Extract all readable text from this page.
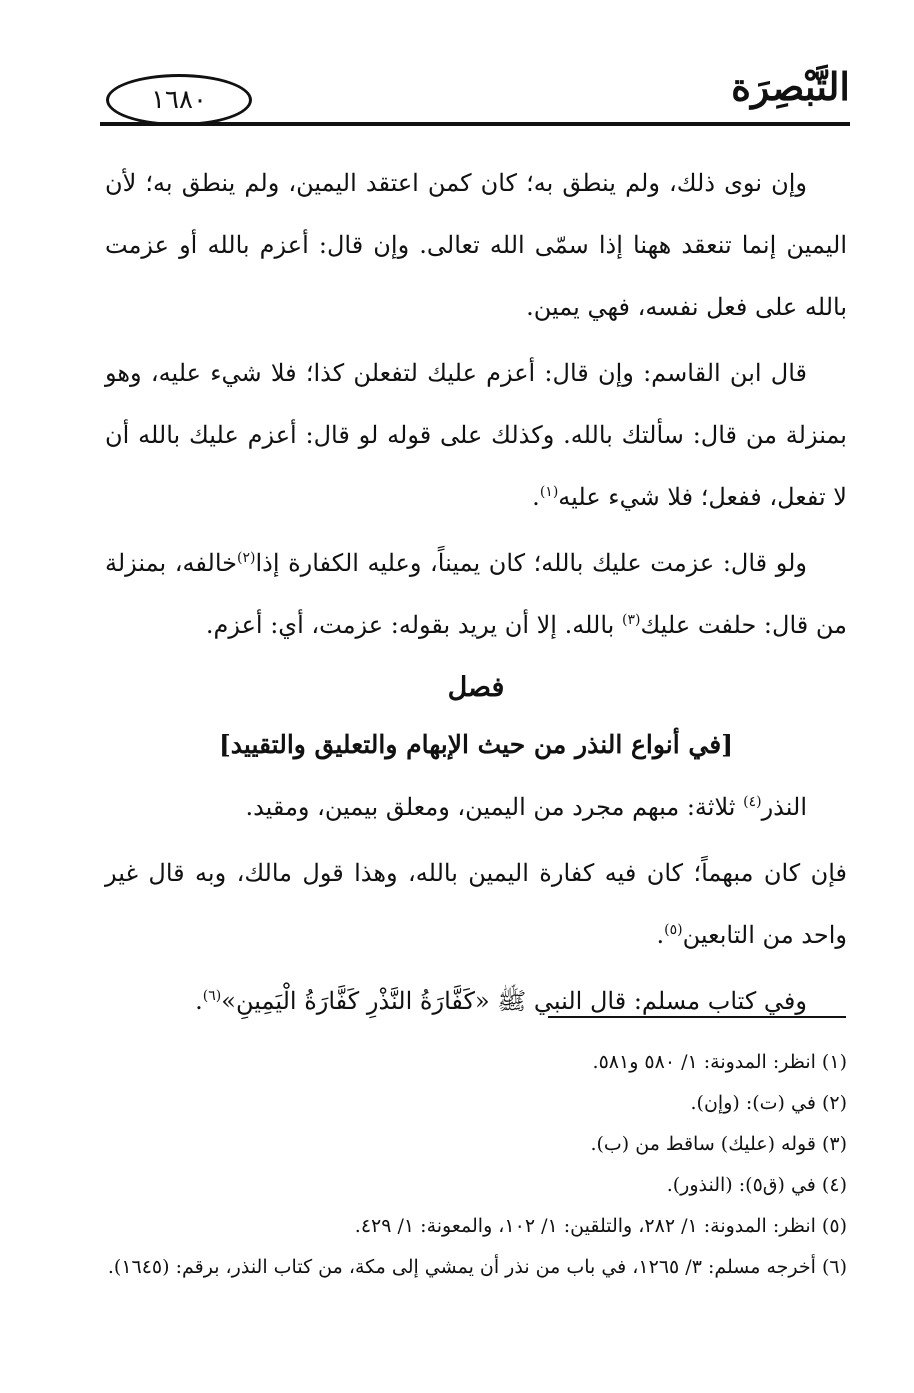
١٦٨٠	التَّبْصِرَة

وإن نوى ذلك، ولم ينطق به؛ كان كمن اعتقد اليمين، ولم ينطق به؛ لأن اليمين إنما تنعقد ههنا إذا سمّى الله تعالى. وإن قال: أعزم بالله أو عزمت بالله على فعل نفسه، فهي يمين.

قال ابن القاسم: وإن قال: أعزم عليك لتفعلن كذا؛ فلا شيء عليه، وهو بمنزلة من قال: سألتك بالله. وكذلك على قوله لو قال: أعزم عليك بالله أن لا تفعل، ففعل؛ فلا شيء عليه$^{(١)}$.

ولو قال: عزمت عليك بالله؛ كان يميناً، وعليه الكفارة إذا$^{(٢)}$خالفه، بمنزلة من قال: حلفت عليك$^{(٣)}$ بالله. إلا أن يريد بقوله: عزمت، أي: أعزم.

فصل
[في أنواع النذر من حيث الإبهام والتعليق والتقييد]

النذر$^{(٤)}$ ثلاثة: مبهم مجرد من اليمين، ومعلق بيمين، ومقيد.

فإن كان مبهماً؛ كان فيه كفارة اليمين بالله، وهذا قول مالك، وبه قال غير واحد من التابعين$^{(٥)}$.

وفي كتاب مسلم: قال النبي ﷺ «كَفَّارَةُ النَّذْرِ كَفَّارَةُ الْيَمِينِ»$^{(٦)}$.

(١) انظر: المدونة: ١/ ٥٨٠ و٥٨١.

(٢) في (ت): (وإن).

(٣) قوله (عليك) ساقط من (ب).

(٤) في (ق٥): (النذور).

(٥) انظر: المدونة: ١/ ٢٨٢، والتلقين: ١/ ١٠٢، والمعونة: ١/ ٤٢٩.

(٦) أخرجه مسلم: ٣/ ١٢٦٥، في باب من نذر أن يمشي إلى مكة، من كتاب النذر، برقم: (١٦٤٥).
